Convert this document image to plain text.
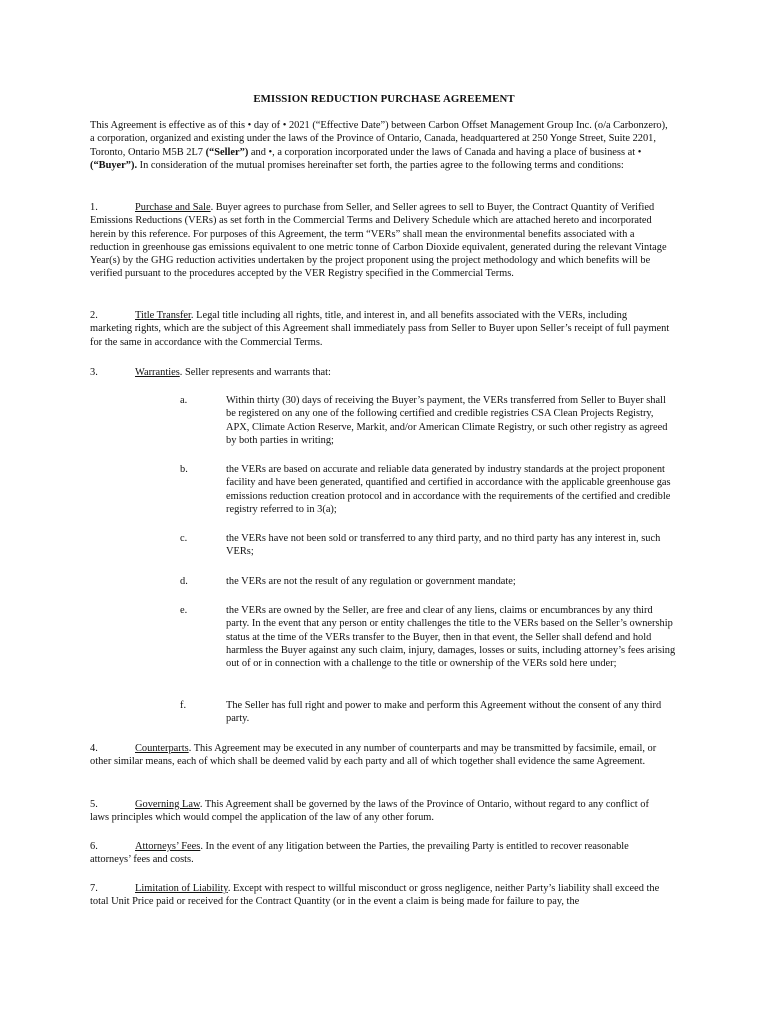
EMISSION REDUCTION PURCHASE AGREEMENT
This Agreement is effective as of this • day of • 2021 (“Effective Date”) between Carbon Offset Management Group Inc. (o/a Carbonzero), a corporation, organized and existing under the laws of the Province of Ontario, Canada, headquartered at 250 Yonge Street, Suite 2201, Toronto, Ontario M5B 2L7 (“Seller”) and •, a corporation incorporated under the laws of Canada and having a place of business at • (“Buyer”). In consideration of the mutual promises hereinafter set forth, the parties agree to the following terms and conditions:
1.	Purchase and Sale. Buyer agrees to purchase from Seller, and Seller agrees to sell to Buyer, the Contract Quantity of Verified Emissions Reductions (VERs) as set forth in the Commercial Terms and Delivery Schedule which are attached hereto and incorporated herein by this reference. For purposes of this Agreement, the term “VERs” shall mean the environmental benefits associated with a reduction in greenhouse gas emissions equivalent to one metric tonne of Carbon Dioxide equivalent, generated during the relevant Vintage Year(s) by the GHG reduction activities undertaken by the project proponent using the project methodology and which benefits will be verified pursuant to the procedures accepted by the VER Registry specified in the Commercial Terms.
2.	Title Transfer. Legal title including all rights, title, and interest in, and all benefits associated with the VERs, including marketing rights, which are the subject of this Agreement shall immediately pass from Seller to Buyer upon Seller’s receipt of full payment for the same in accordance with the Commercial Terms.
3.	Warranties. Seller represents and warrants that:
a.	Within thirty (30) days of receiving the Buyer’s payment, the VERs transferred from Seller to Buyer shall be registered on any one of the following certified and credible registries CSA Clean Projects Registry, APX, Climate Action Reserve, Markit, and/or American Climate Registry, or such other registry as agreed by both parties in writing;
b.	the VERs are based on accurate and reliable data generated by industry standards at the project proponent facility and have been generated, quantified and certified in accordance with the applicable greenhouse gas emissions reduction creation protocol and in accordance with the requirements of the certified and credible registry referred to in 3(a);
c.	the VERs have not been sold or transferred to any third party, and no third party has any interest in, such VERs;
d.	the VERs are not the result of any regulation or government mandate;
e.	the VERs are owned by the Seller, are free and clear of any liens, claims or encumbrances by any third party. In the event that any person or entity challenges the title to the VERs based on the Seller’s ownership status at the time of the VERs transfer to the Buyer, then in that event, the Seller shall defend and hold harmless the Buyer against any such claim, injury, damages, losses or suits, including attorney’s fees arising out of or in connection with a challenge to the title or ownership of the VERs sold here under;
f.	The Seller has full right and power to make and perform this Agreement without the consent of any third party.
4.	Counterparts. This Agreement may be executed in any number of counterparts and may be transmitted by facsimile, email, or other similar means, each of which shall be deemed valid by each party and all of which together shall evidence the same Agreement.
5.	Governing Law. This Agreement shall be governed by the laws of the Province of Ontario, without regard to any conflict of laws principles which would compel the application of the law of any other forum.
6.	Attorneys’ Fees. In the event of any litigation between the Parties, the prevailing Party is entitled to recover reasonable attorneys’ fees and costs.
7.	Limitation of Liability. Except with respect to willful misconduct or gross negligence, neither Party’s liability shall exceed the total Unit Price paid or received for the Contract Quantity (or in the event a claim is being made for failure to pay, the
